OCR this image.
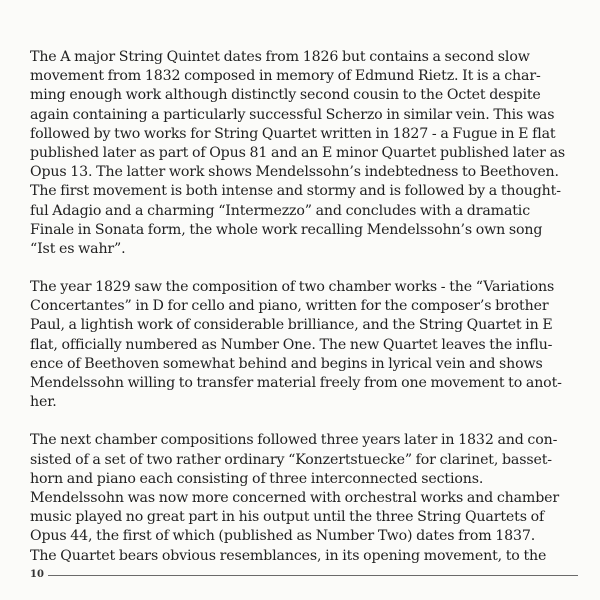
The A major String Quintet dates from 1826 but contains a second slow
movement from 1832 composed in memory of Edmund Rietz. It is a char-
ming enough work although distinctly second cousin to the Octet despite
again containing a particularly successful Scherzo in similar vein. This was
followed by two works for String Quartet written in 1827 - a Fugue in E flat
published later as part of Opus 81 and an E minor Quartet published later as
Opus 13. The latter work shows Mendelssohn’s indebtedness to Beethoven.
The first movement is both intense and stormy and is followed by a thought-
ful Adagio and a charming “Intermezzo” and concludes with a dramatic
Finale in Sonata form, the whole work recalling Mendelssohn’s own song
“Ist es wahr”.
The year 1829 saw the composition of two chamber works - the “Variations
Concertantes” in D for cello and piano, written for the composer’s brother
Paul, a lightish work of considerable brilliance, and the String Quartet in E
flat, officially numbered as Number One. The new Quartet leaves the influ-
ence of Beethoven somewhat behind and begins in lyrical vein and shows
Mendelssohn willing to transfer material freely from one movement to anot-
her.
The next chamber compositions followed three years later in 1832 and con-
sisted of a set of two rather ordinary “Konzertstuecke” for clarinet, basset-
horn and piano each consisting of three interconnected sections.
Mendelssohn was now more concerned with orchestral works and chamber
music played no great part in his output until the three String Quartets of
Opus 44, the first of which (published as Number Two) dates from 1837.
The Quartet bears obvious resemblances, in its opening movement, to the
10
